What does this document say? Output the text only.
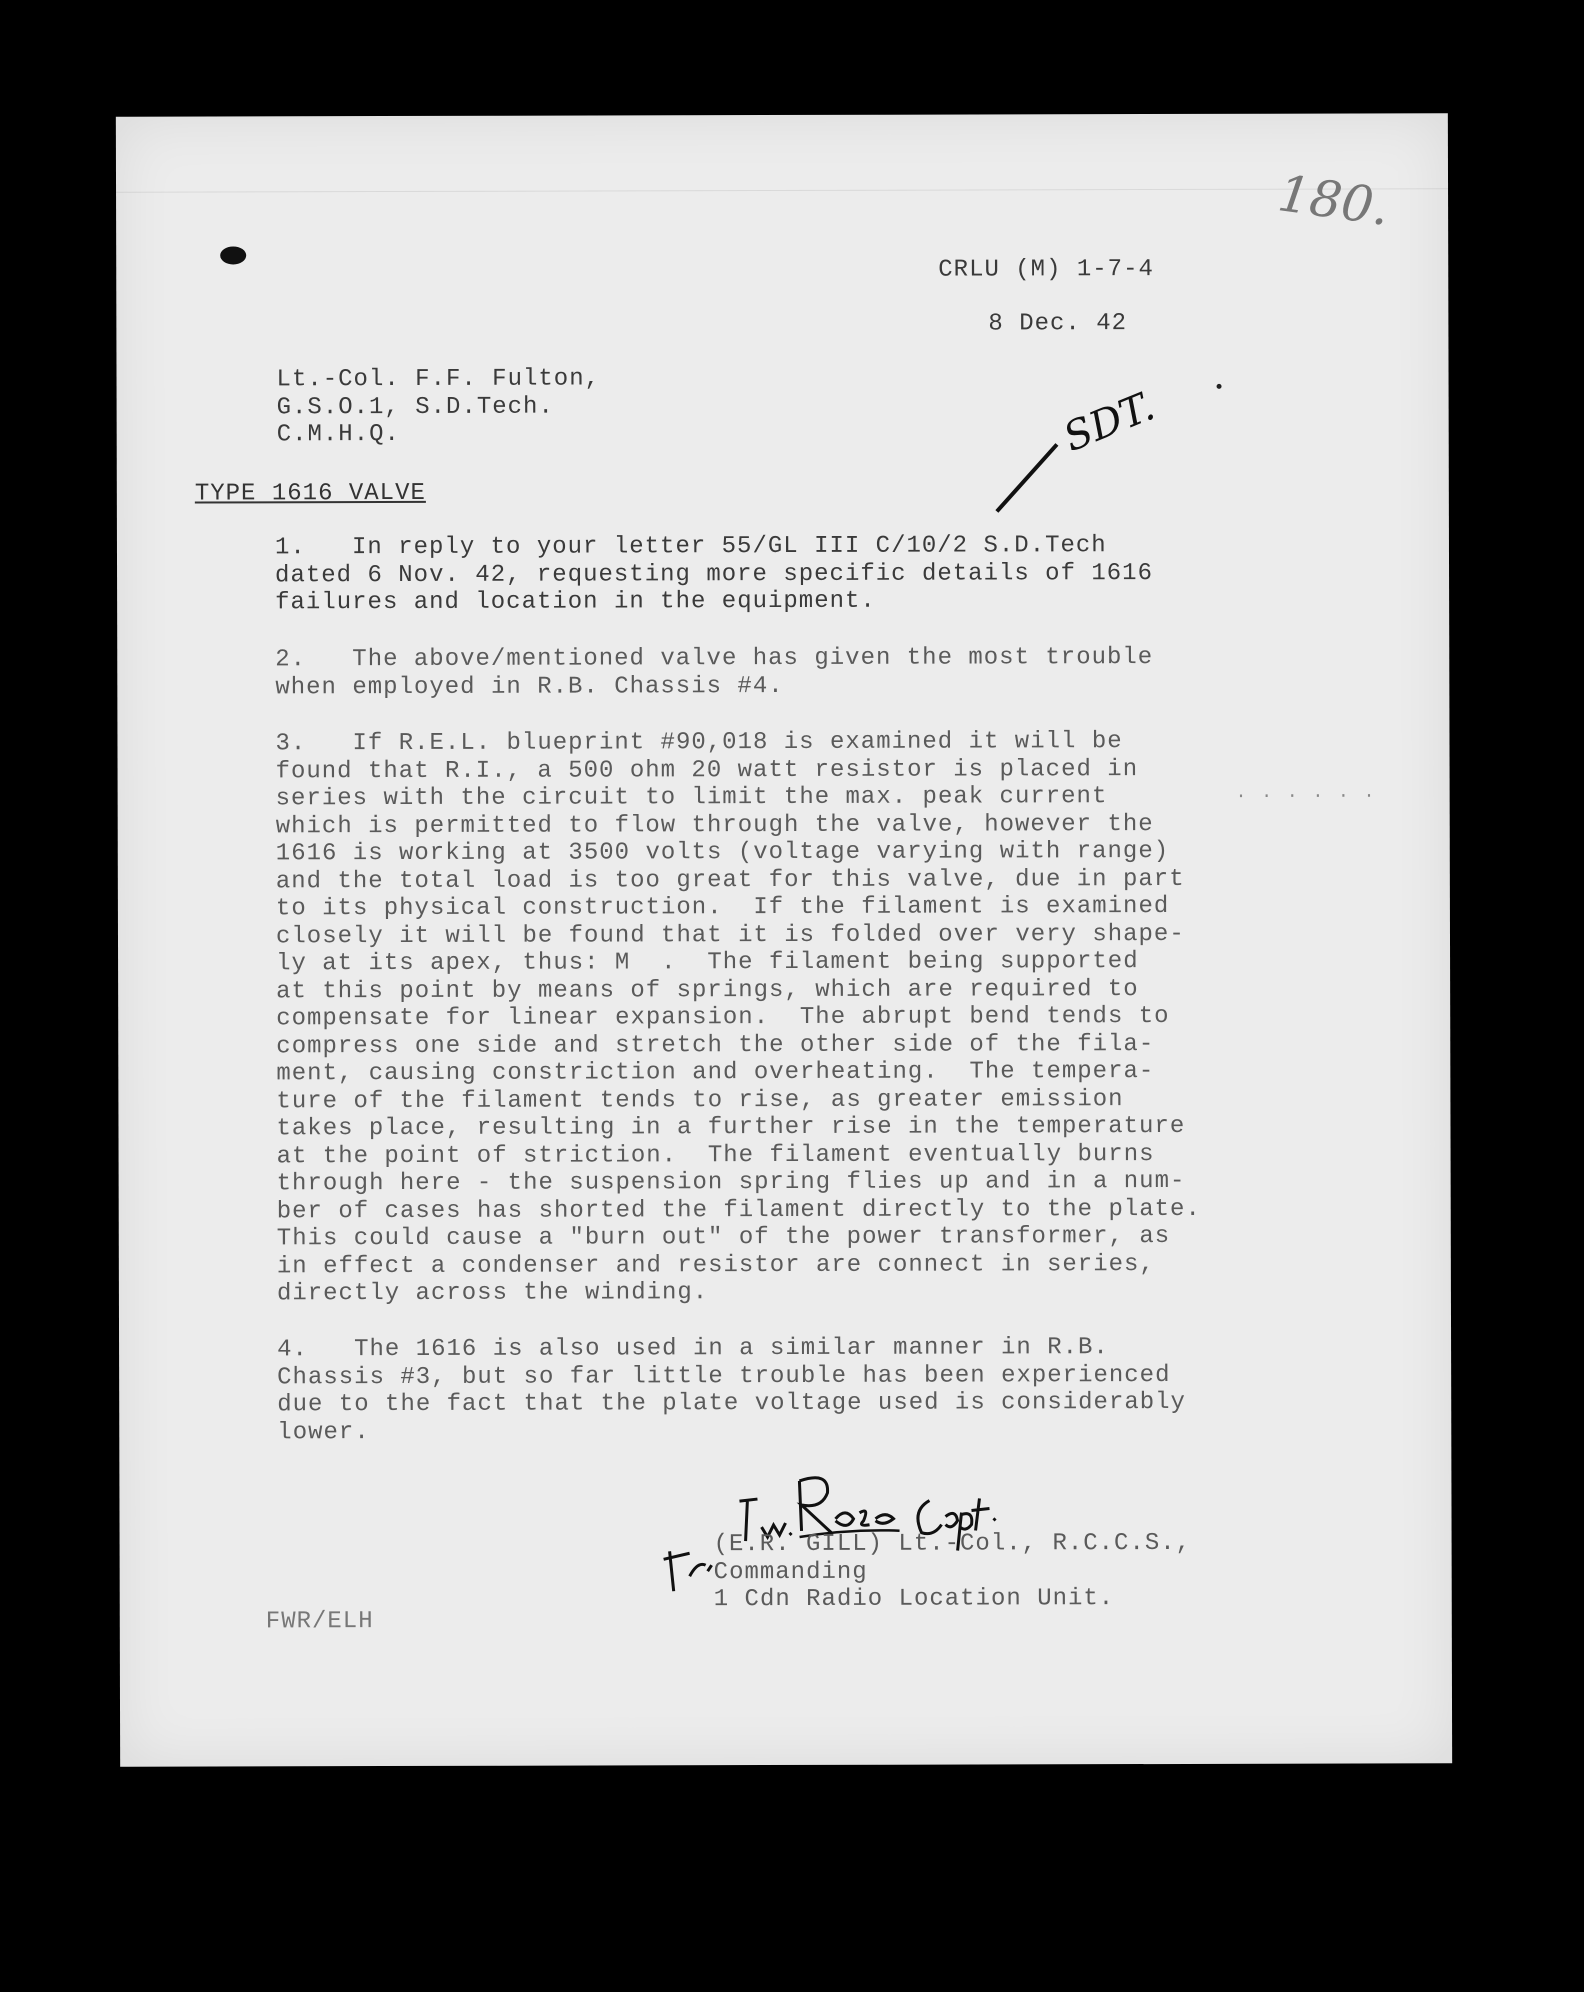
180.
CRLU (M) 1-7-4
8 Dec. 42
Lt.-Col. F.F. Fulton,
G.S.O.1, S.D.Tech.
C.M.H.Q.	SDT.
TYPE 1616 VALVE
1.   In reply to your letter 55/GL III C/10/2 S.D.Tech
dated 6 Nov. 42, requesting more specific details of 1616
failures and location in the equipment.
2.   The above/mentioned valve has given the most trouble
when employed in R.B. Chassis #4.
3.   If R.E.L. blueprint #90,018 is examined it will be
found that R.I., a 500 ohm 20 watt resistor is placed in
series with the circuit to limit the max. peak current
which is permitted to flow through the valve, however the
1616 is working at 3500 volts (voltage varying with range)
and the total load is too great for this valve, due in part
to its physical construction.  If the filament is examined
closely it will be found that it is folded over very shape-
ly at its apex, thus: M  .  The filament being supported
at this point by means of springs, which are required to
compensate for linear expansion.  The abrupt bend tends to
compress one side and stretch the other side of the fila-
ment, causing constriction and overheating.  The tempera-
ture of the filament tends to rise, as greater emission
takes place, resulting in a further rise in the temperature
at the point of striction.  The filament eventually burns
through here - the suspension spring flies up and in a num-
ber of cases has shorted the filament directly to the plate.
This could cause a "burn out" of the power transformer, as
in effect a condenser and resistor are connect in series,
directly across the winding.
· · · · · ·
4.   The 1616 is also used in a similar manner in R.B.
Chassis #3, but so far little trouble has been experienced
due to the fact that the plate voltage used is considerably
lower.
(E.R. GILL) Lt.-Col., R.C.C.S.,
Commanding
1 Cdn Radio Location Unit.
FWR/ELH
